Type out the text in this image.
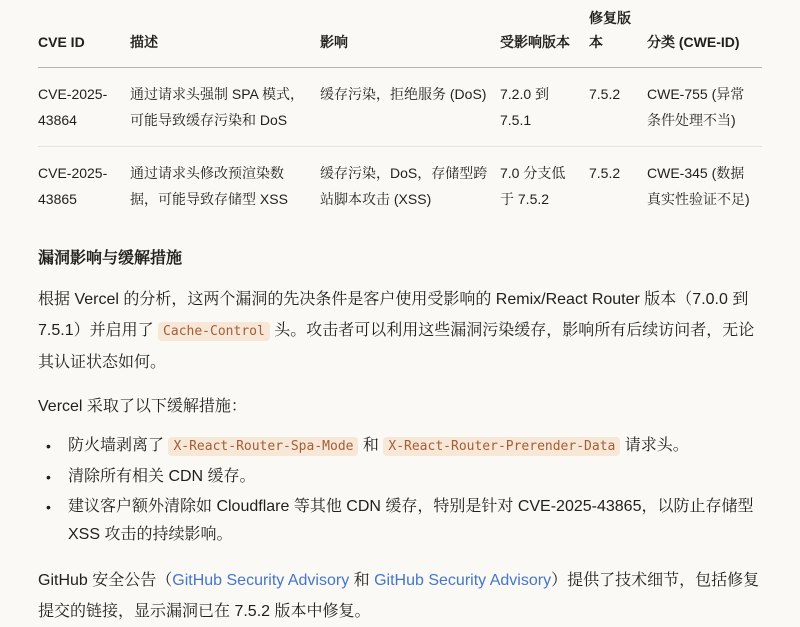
CVE ID	描述	影响	受影响版本	修复版本	分类 (CWE-ID)
CVE-2025-43864	通过请求头强制 SPA 模式，可能导致缓存污染和 DoS	缓存污染，拒绝服务 (DoS)	7.2.0 到 7.5.1	7.5.2	CWE-755 (异常条件处理不当)
CVE-2025-43865	通过请求头修改预渲染数据，可能导致存储型 XSS	缓存污染，DoS，存储型跨站脚本攻击 (XSS)	7.0 分支低于 7.5.2	7.5.2	CWE-345 (数据真实性验证不足)
漏洞影响与缓解措施

根据 Vercel 的分析，这两个漏洞的先决条件是客户使用受影响的 Remix/React Router 版本（7.0.0 到 7.5.1）并启用了 Cache-Control 头。攻击者可以利用这些漏洞污染缓存，影响所有后续访问者，无论其认证状态如何。

Vercel 采取了以下缓解措施：

• 防火墙剥离了 X-React-Router-Spa-Mode 和 X-React-Router-Prerender-Data 请求头。
• 清除所有相关 CDN 缓存。
• 建议客户额外清除如 Cloudflare 等其他 CDN 缓存，特别是针对 CVE-2025-43865，以防止存储型 XSS 攻击的持续影响。

GitHub 安全公告（GitHub Security Advisory 和 GitHub Security Advisory）提供了技术细节，包括修复提交的链接，显示漏洞已在 7.5.2 版本中修复。
